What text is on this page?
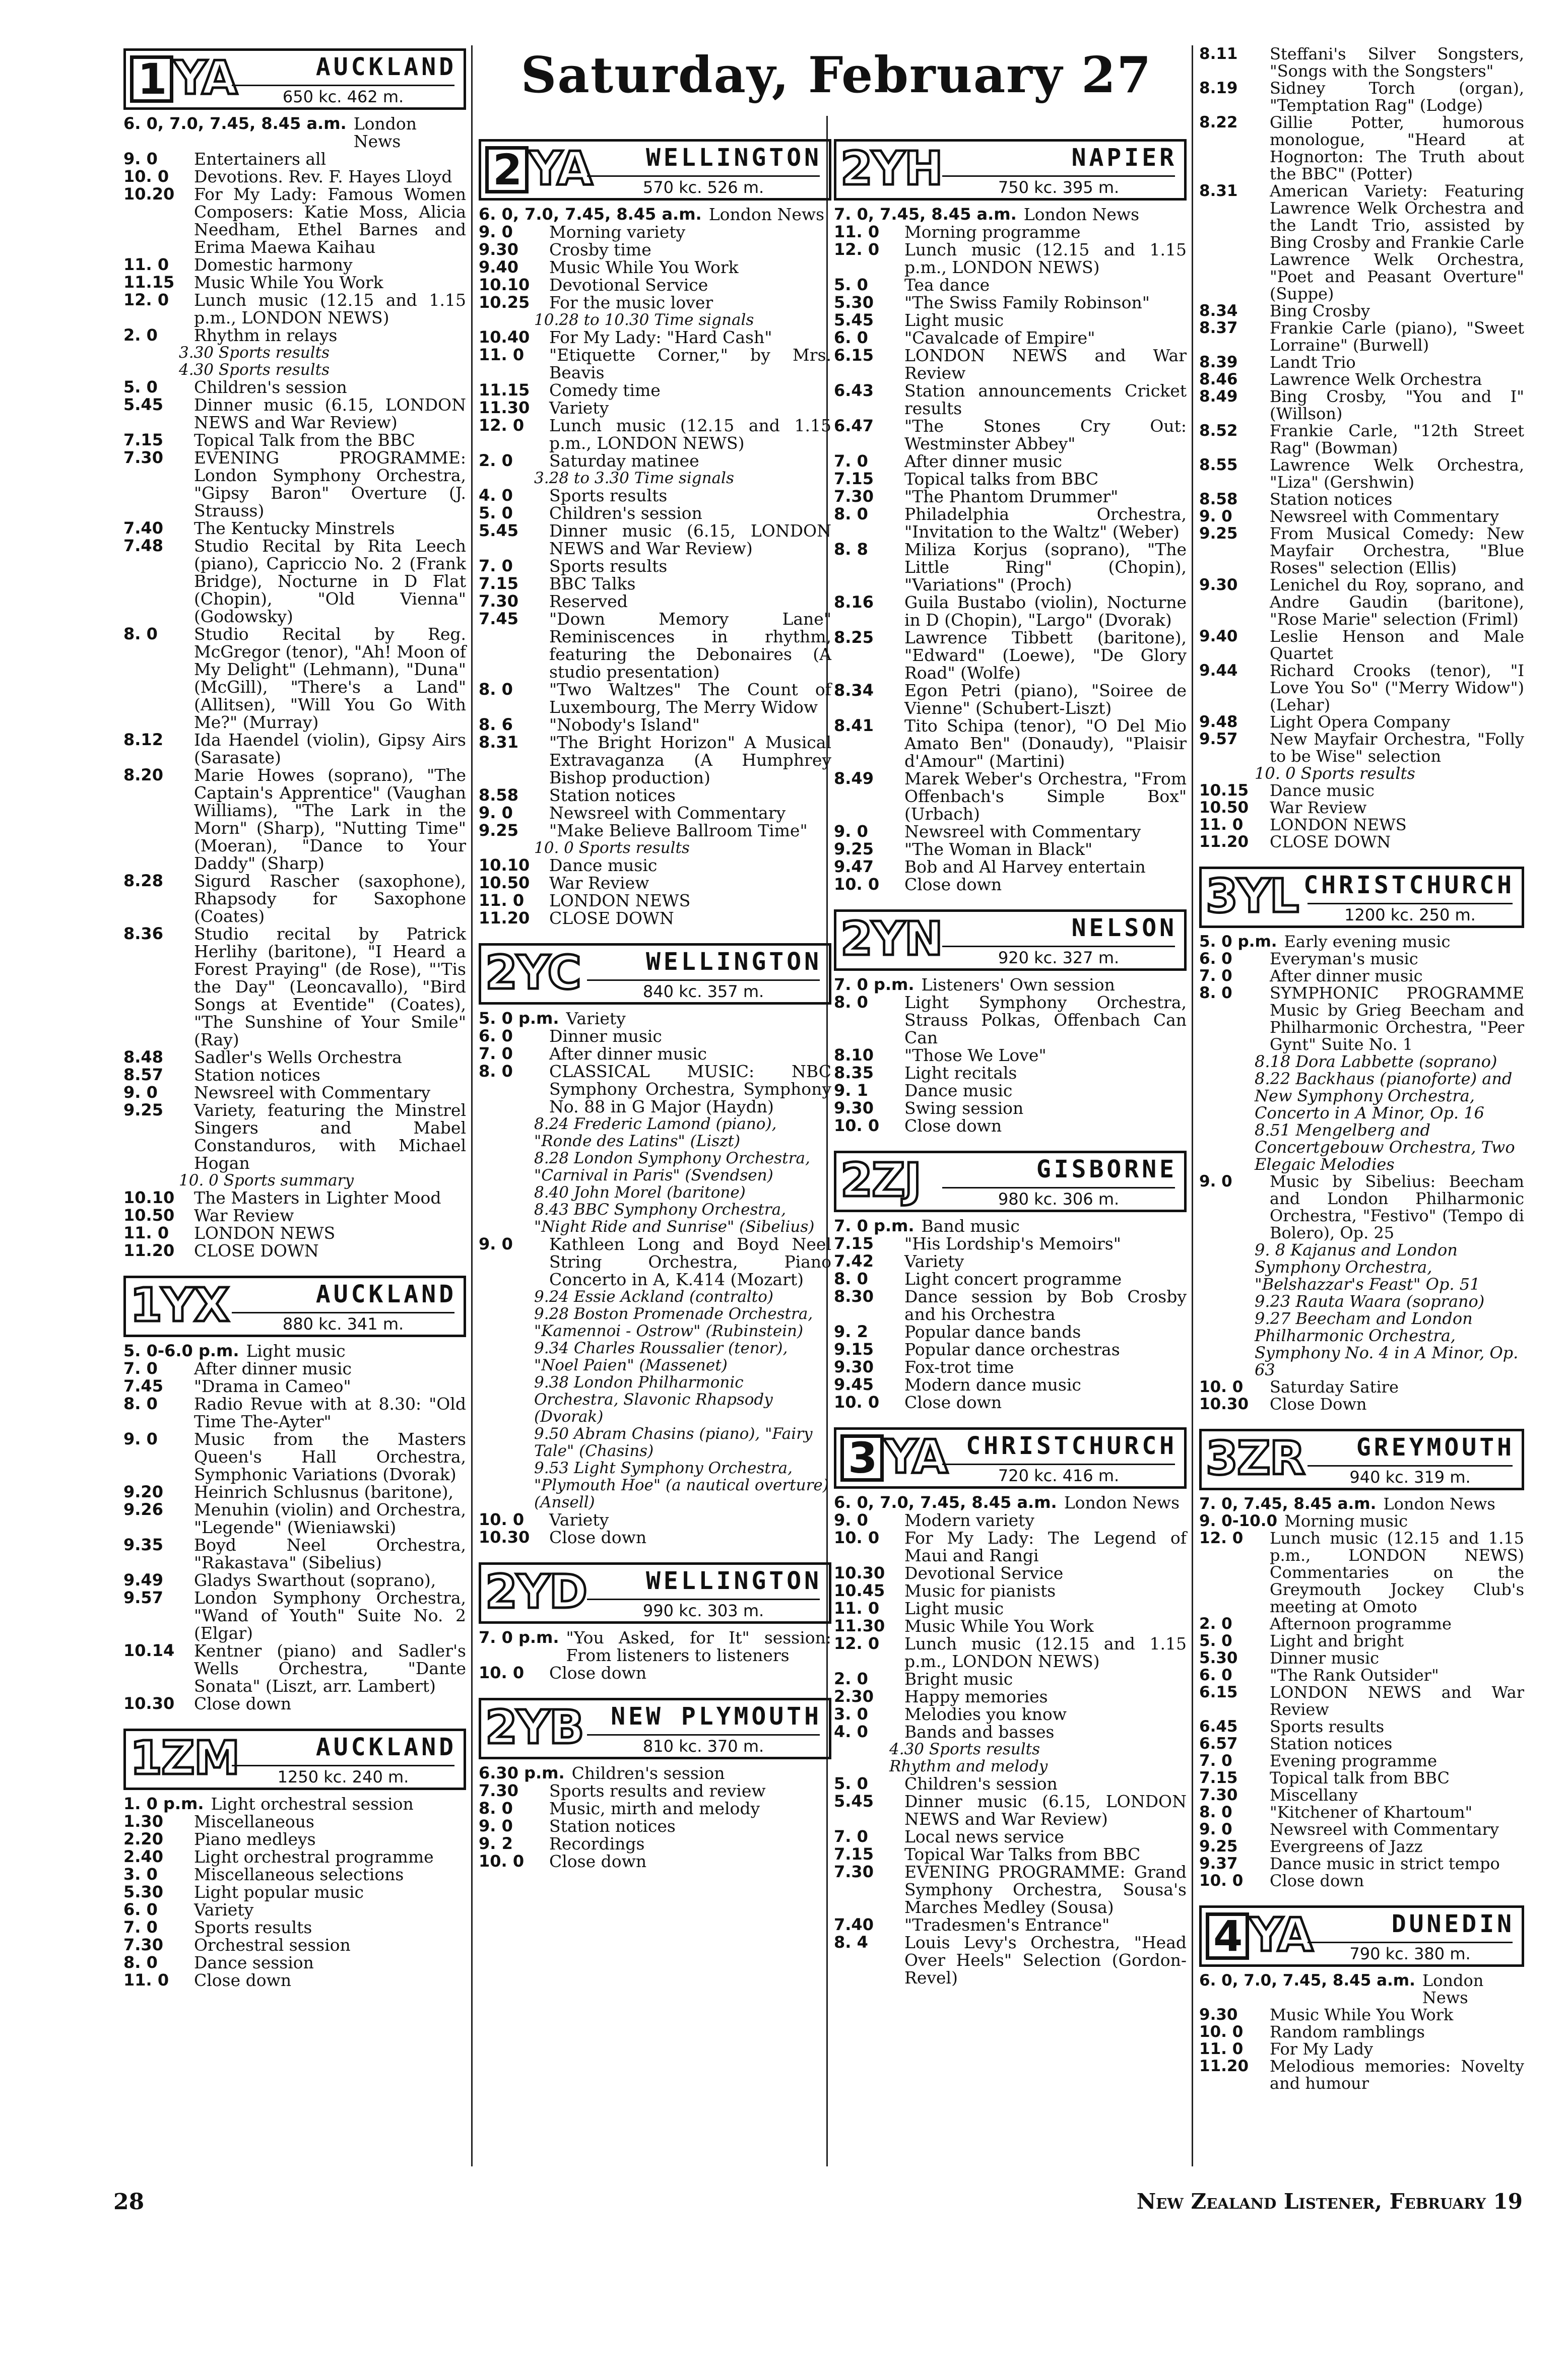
Saturday, February 27
1 YA	AUCKLAND
650 kc. 462 m.
6. 0, 7.0, 7.45, 8.45 a.m. London News
9. 0	Entertainers all
10. 0	Devotions. Rev. F. Hayes Lloyd
10.20	For My Lady: Famous Women Composers: Katie Moss, Alicia Needham, Ethel Barnes and Erima Maewa Kaihau
11. 0	Domestic harmony
11.15	Music While You Work
12. 0	Lunch music (12.15 and 1.15 p.m., LONDON NEWS)
2. 0	Rhythm in relays
3.30 Sports results
4.30 Sports results
5. 0	Children's session
5.45	Dinner music (6.15, LONDON NEWS and War Review)
7.15	Topical Talk from the BBC
7.30	EVENING PROGRAMME: London Symphony Orchestra, "Gipsy Baron" Overture (J. Strauss)
7.40	The Kentucky Minstrels
7.48	Studio Recital by Rita Leech (piano), Capriccio No. 2 (Frank Bridge), Nocturne in D Flat (Chopin), "Old Vienna" (Godowsky)
8. 0	Studio Recital by Reg. McGregor (tenor), "Ah! Moon of My Delight" (Lehmann), "Duna" (McGill), "There's a Land" (Allitsen), "Will You Go With Me?" (Murray)
8.12	Ida Haendel (violin), Gipsy Airs (Sarasate)
8.20	Marie Howes (soprano), "The Captain's Apprentice" (Vaughan Williams), "The Lark in the Morn" (Sharp), "Nutting Time" (Moeran), "Dance to Your Daddy" (Sharp)
8.28	Sigurd Rascher (saxophone), Rhapsody for Saxophone (Coates)
8.36	Studio recital by Patrick Herlihy (baritone), "I Heard a Forest Praying" (de Rose), "'Tis the Day" (Leoncavallo), "Bird Songs at Eventide" (Coates), "The Sunshine of Your Smile" (Ray)
8.48	Sadler's Wells Orchestra
8.57	Station notices
9. 0	Newsreel with Commentary
9.25	Variety, featuring the Minstrel Singers and Mabel Constanduros, with Michael Hogan
10. 0 Sports summary
10.10	The Masters in Lighter Mood
10.50	War Review
11. 0	LONDON NEWS
11.20	CLOSE DOWN
1YX	AUCKLAND
880 kc. 341 m.
5. 0-6.0 p.m. Light music
7. 0	After dinner music
7.45	"Drama in Cameo"
8. 0	Radio Revue with at 8.30: "Old Time The-Ayter"
9. 0	Music from the Masters Queen's Hall Orchestra, Symphonic Variations (Dvorak)
9.20	Heinrich Schlusnus (baritone),
9.26	Menuhin (violin) and Orchestra, "Legende" (Wieniawski)
9.35	Boyd Neel Orchestra, "Rakastava" (Sibelius)
9.49	Gladys Swarthout (soprano),
9.57	London Symphony Orchestra, "Wand of Youth" Suite No. 2 (Elgar)
10.14	Kentner (piano) and Sadler's Wells Orchestra, "Dante Sonata" (Liszt, arr. Lambert)
10.30	Close down
1ZM	AUCKLAND
1250 kc. 240 m.
1. 0 p.m. Light orchestral session
1.30	Miscellaneous
2.20	Piano medleys
2.40	Light orchestral programme
3. 0	Miscellaneous selections
5.30	Light popular music
6. 0	Variety
7. 0	Sports results
7.30	Orchestral session
8. 0	Dance session
11. 0	Close down
2 YA WELLINGTON
570 kc. 526 m.
6. 0, 7.0, 7.45, 8.45 a.m. London News
9. 0	Morning variety
9.30	Crosby time
9.40	Music While You Work
10.10	Devotional Service
10.25	For the music lover
10.28 to 10.30 Time signals
10.40	For My Lady: "Hard Cash"
11. 0	"Etiquette Corner," by Mrs. Beavis
11.15	Comedy time
11.30	Variety
12. 0	Lunch music (12.15 and 1.15 p.m., LONDON NEWS)
2. 0	Saturday matinee
3.28 to 3.30 Time signals
4. 0	Sports results
5. 0	Children's session
5.45	Dinner music (6.15, LONDON NEWS and War Review)
7. 0	Sports results
7.15	BBC Talks
7.30	Reserved
7.45	"Down Memory Lane" Reminiscences in rhythm, featuring the Debonaires (A studio presentation)
8. 0	"Two Waltzes" The Count of Luxembourg, The Merry Widow
8. 6	"Nobody's Island"
8.31	"The Bright Horizon" A Musical Extravaganza (A Humphrey Bishop production)
8.58	Station notices
9. 0	Newsreel with Commentary
9.25	"Make Believe Ballroom Time"
10. 0 Sports results
10.10	Dance music
10.50	War Review
11. 0	LONDON NEWS
11.20	CLOSE DOWN
2YC	WELLINGTON
840 kc. 357 m.
5. 0 p.m. Variety
6. 0	Dinner music
7. 0	After dinner music
8. 0	CLASSICAL MUSIC: NBC Symphony Orchestra, Symphony No. 88 in G Major (Haydn)
8.24 Frederic Lamond (piano), "Ronde des Latins" (Liszt)
8.28 London Symphony Orchestra, "Carnival in Paris" (Svendsen)
8.40 John Morel (baritone)
8.43 BBC Symphony Orchestra, "Night Ride and Sunrise" (Sibelius)
9. 0	Kathleen Long and Boyd Neel String Orchestra, Piano Concerto in A, K.414 (Mozart)
9.24 Essie Ackland (contralto)
9.28 Boston Promenade Orchestra, "Kamennoi - Ostrow" (Rubinstein)
9.34 Charles Roussalier (tenor), "Noel Paien" (Massenet)
9.38 London Philharmonic Orchestra, Slavonic Rhapsody (Dvorak)
9.50 Abram Chasins (piano), "Fairy Tale" (Chasins)
9.53 Light Symphony Orchestra, "Plymouth Hoe" (a nautical overture) (Ansell)
10. 0	Variety
10.30	Close down
2YD WELLINGTON
990 kc. 303 m.
7. 0 p.m. "You Asked, for It" session: From listeners to listeners
10. 0	Close down
2YB NEW PLYMOUTH
810 kc. 370 m.
6.30 p.m. Children's session
7.30	Sports results and review
8. 0	Music, mirth and melody
9. 0	Station notices
9. 2	Recordings
10. 0	Close down
2YH	NAPIER
750 kc. 395 m.
7. 0, 7.45, 8.45 a.m. London News
11. 0	Morning programme
12. 0	Lunch music (12.15 and 1.15 p.m., LONDON NEWS)
5. 0	Tea dance
5.30	"The Swiss Family Robinson"
5.45	Light music
6. 0	"Cavalcade of Empire"
6.15	LONDON NEWS and War Review
6.43	Station announcements Cricket results
6.47	"The Stones Cry Out: Westminster Abbey"
7. 0	After dinner music
7.15	Topical talks from BBC
7.30	"The Phantom Drummer"
8. 0	Philadelphia Orchestra, "Invitation to the Waltz" (Weber)
8. 8	Miliza Korjus (soprano), "The Little Ring" (Chopin), "Variations" (Proch)
8.16	Guila Bustabo (violin), Nocturne in D (Chopin), "Largo" (Dvorak)
8.25	Lawrence Tibbett (baritone), "Edward" (Loewe), "De Glory Road" (Wolfe)
8.34	Egon Petri (piano), "Soiree de Vienne" (Schubert-Liszt)
8.41	Tito Schipa (tenor), "O Del Mio Amato Ben" (Donaudy), "Plaisir d'Amour" (Martini)
8.49	Marek Weber's Orchestra, "From Offenbach's Simple Box" (Urbach)
9. 0	Newsreel with Commentary
9.25	"The Woman in Black"
9.47	Bob and Al Harvey entertain
10. 0	Close down
2YN	NELSON
920 kc. 327 m.
7. 0 p.m. Listeners' Own session
8. 0	Light Symphony Orchestra, Strauss Polkas, Offenbach Can Can
8.10	"Those We Love"
8.35	Light recitals
9. 1	Dance music
9.30	Swing session
10. 0	Close down
2ZJ	GISBORNE
980 kc. 306 m.
7. 0 p.m. Band music
7.15	"His Lordship's Memoirs"
7.42	Variety
8. 0	Light concert programme
8.30	Dance session by Bob Crosby and his Orchestra
9. 2	Popular dance bands
9.15	Popular dance orchestras
9.30	Fox-trot time
9.45	Modern dance music
10. 0	Close down
3 YA CHRISTCHURCH
720 kc. 416 m.
6. 0, 7.0, 7.45, 8.45 a.m. London News
9. 0	Modern variety
10. 0	For My Lady: The Legend of Maui and Rangi
10.30	Devotional Service
10.45	Music for pianists
11. 0	Light music
11.30	Music While You Work
12. 0	Lunch music (12.15 and 1.15 p.m., LONDON NEWS)
2. 0	Bright music
2.30	Happy memories
3. 0	Melodies you know
4. 0	Bands and basses
4.30 Sports results
Rhythm and melody
5. 0	Children's session
5.45	Dinner music (6.15, LONDON NEWS and War Review)
7. 0	Local news service
7.15	Topical War Talks from BBC
7.30	EVENING PROGRAMME: Grand Symphony Orchestra, Sousa's Marches Medley (Sousa)
7.40	"Tradesmen's Entrance"
8. 4	Louis Levy's Orchestra, "Head Over Heels" Selection (Gordon-Revel)
8.11	Steffani's Silver Songsters, "Songs with the Songsters"
8.19	Sidney Torch (organ), "Temptation Rag" (Lodge)
8.22	Gillie Potter, humorous monologue, "Heard at Hognorton: The Truth about the BBC" (Potter)
8.31	American Variety: Featuring Lawrence Welk Orchestra and the Landt Trio, assisted by Bing Crosby and Frankie Carle Lawrence Welk Orchestra, "Poet and Peasant Overture" (Suppe)
8.34	Bing Crosby
8.37	Frankie Carle (piano), "Sweet Lorraine" (Burwell)
8.39	Landt Trio
8.46	Lawrence Welk Orchestra
8.49	Bing Crosby, "You and I" (Willson)
8.52	Frankie Carle, "12th Street Rag" (Bowman)
8.55	Lawrence Welk Orchestra, "Liza" (Gershwin)
8.58	Station notices
9. 0	Newsreel with Commentary
9.25	From Musical Comedy: New Mayfair Orchestra, "Blue Roses" selection (Ellis)
9.30	Lenichel du Roy, soprano, and Andre Gaudin (baritone), "Rose Marie" selection (Friml)
9.40	Leslie Henson and Male Quartet
9.44	Richard Crooks (tenor), "I Love You So" ("Merry Widow") (Lehar)
9.48	Light Opera Company
9.57	New Mayfair Orchestra, "Folly to be Wise" selection
10. 0 Sports results
10.15	Dance music
10.50	War Review
11. 0	LONDON NEWS
11.20	CLOSE DOWN
3YL CHRISTCHURCH
1200 kc. 250 m.
5. 0 p.m. Early evening music
6. 0	Everyman's music
7. 0	After dinner music
8. 0	SYMPHONIC PROGRAMME Music by Grieg Beecham and Philharmonic Orchestra, "Peer Gynt" Suite No. 1
8.18 Dora Labbette (soprano)
8.22 Backhaus (pianoforte) and New Symphony Orchestra, Concerto in A Minor, Op. 16
8.51 Mengelberg and Concertgebouw Orchestra, Two Elegaic Melodies
9. 0	Music by Sibelius: Beecham and London Philharmonic Orchestra, "Festivo" (Tempo di Bolero), Op. 25
9. 8 Kajanus and London Symphony Orchestra, "Belshazzar's Feast" Op. 51
9.23 Rauta Waara (soprano)
9.27 Beecham and London Philharmonic Orchestra, Symphony No. 4 in A Minor, Op. 63
10. 0	Saturday Satire
10.30	Close Down
3ZR GREYMOUTH
940 kc. 319 m.
7. 0, 7.45, 8.45 a.m. London News
9. 0-10.0 Morning music
12. 0	Lunch music (12.15 and 1.15 p.m., LONDON NEWS) Commentaries on the Greymouth Jockey Club's meeting at Omoto
2. 0	Afternoon programme
5. 0	Light and bright
5.30	Dinner music
6. 0	"The Rank Outsider"
6.15	LONDON NEWS and War Review
6.45	Sports results
6.57	Station notices
7. 0	Evening programme
7.15	Topical talk from BBC
7.30	Miscellany
8. 0	"Kitchener of Khartoum"
9. 0	Newsreel with Commentary
9.25	Evergreens of Jazz
9.37	Dance music in strict tempo
10. 0	Close down
4 YA	DUNEDIN
790 kc. 380 m.
6. 0, 7.0, 7.45, 8.45 a.m. London News
9.30	Music While You Work
10. 0	Random ramblings
11. 0	For My Lady
11.20	Melodious memories: Novelty and humour
28	New Zealand Listener, February 19
